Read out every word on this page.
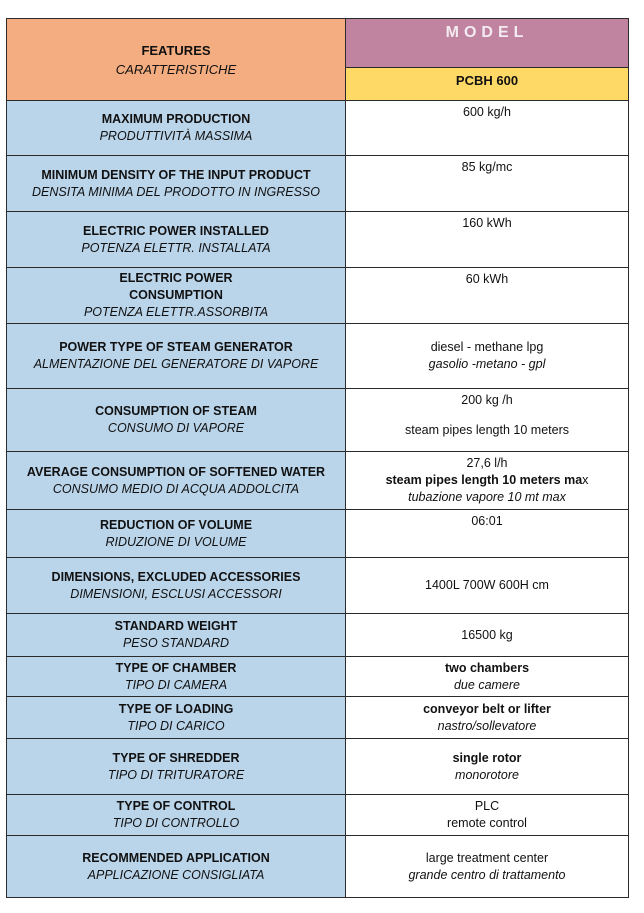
FEATURES
CARATTERISTICHE	MODEL

	PCBH 600

MAXIMUM PRODUCTION
PRODUTTIVITÀ MASSIMA	600 kg/h

MINIMUM DENSITY OF THE INPUT PRODUCT
DENSITA MINIMA DEL PRODOTTO IN INGRESSO	85 kg/mc

ELECTRIC POWER INSTALLED
POTENZA ELETTR. INSTALLATA	160 kWh

ELECTRIC POWER
CONSUMPTION
POTENZA ELETTR.ASSORBITA	60 kWh

POWER TYPE OF STEAM GENERATOR
ALMENTAZIONE DEL GENERATORE DI VAPORE	diesel - methane lpg
gasolio -metano - gpl

CONSUMPTION OF STEAM
CONSUMO DI VAPORE	200 kg /h
steam pipes length 10 meters

AVERAGE CONSUMPTION OF SOFTENED WATER
CONSUMO MEDIO DI ACQUA ADDOLCITA	27,6 l/h
steam pipes length 10 meters max
tubazione vapore 10 mt max

REDUCTION OF VOLUME
RIDUZIONE DI VOLUME	06:01

DIMENSIONS, EXCLUDED ACCESSORIES
DIMENSIONI, ESCLUSI ACCESSORI	1400L 700W 600H cm

STANDARD WEIGHT
PESO STANDARD	16500 kg

TYPE OF CHAMBER
TIPO DI CAMERA	two chambers
due camere

TYPE OF LOADING
TIPO DI CARICO	conveyor belt or lifter
nastro/sollevatore

TYPE OF SHREDDER
TIPO DI TRITURATORE	single rotor
monorotore

TYPE OF CONTROL
TIPO DI CONTROLLO	PLC
remote control

RECOMMENDED APPLICATION
APPLICAZIONE CONSIGLIATA	large treatment center
grande centro di trattamento
